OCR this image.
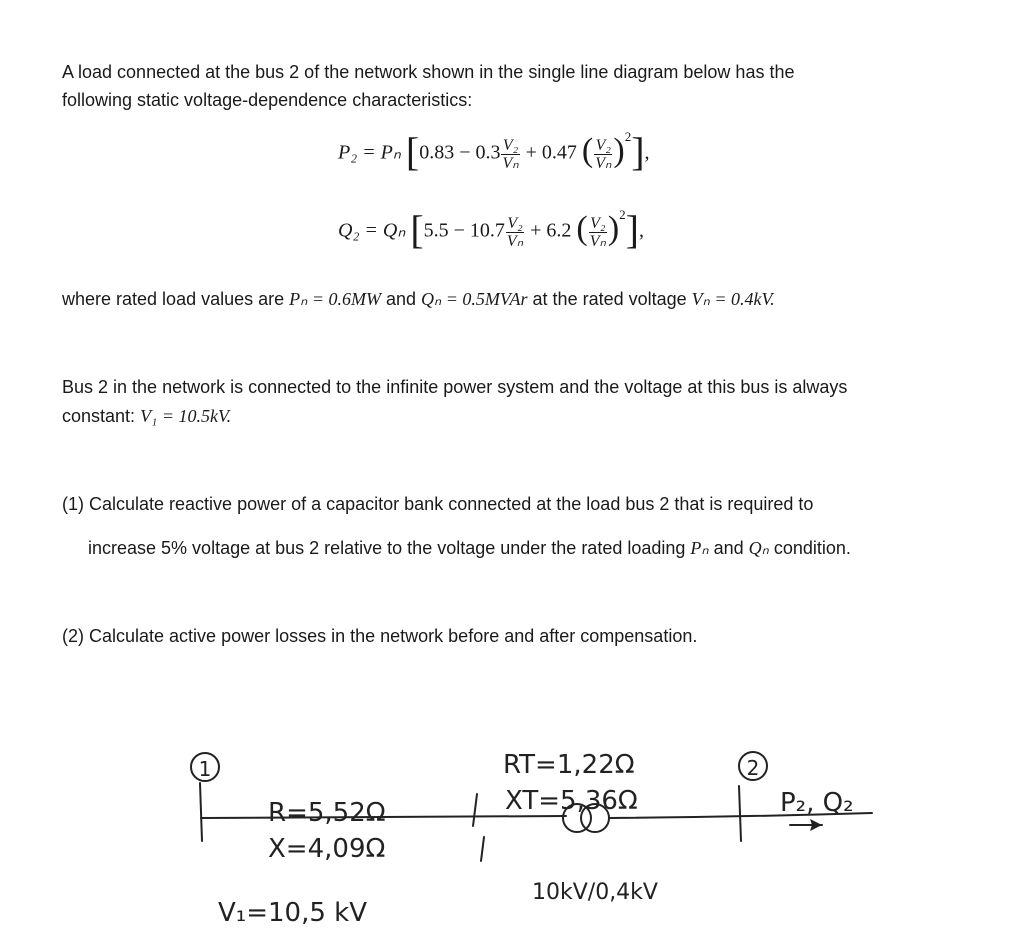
A load connected at the bus 2 of the network shown in the single line diagram below has the
following static voltage-dependence characteristics:
P₂ = Pₙ [$0.83 - 0.3 \frac{\text{V₂}}{\text{Vₙ}} + 0.47$ ( $\frac{\text{V₂}}{\text{Vₙ}} )^2$],
Q₂ = Qₙ [$5.5 - 10.7 \frac{\text{V₂}}{\text{Vₙ}} + 6.2$ ( $\frac{\text{V₂}}{\text{Vₙ}} )^2$],
where rated load values are Pₙ = 0.6MW and Qₙ = 0.5MVAr at the rated voltage Vₙ = 0.4kV.
Bus 2 in the network is connected to the infinite power system and the voltage at this bus is always
constant: V₁ = 10.5kV.
(1) Calculate reactive power of a capacitor bank connected at the load bus 2 that is required to
increase 5% voltage at bus 2 relative to the voltage under the rated loading Pₙ and Qₙ condition.
(2) Calculate active power losses in the network before and after compensation.
1	2
R=5,52Ω
X=4,09Ω
RT=1,22Ω
XT=5,36Ω
10kV/0,4kV
V₁=10,5 kV
P₂, Q₂
